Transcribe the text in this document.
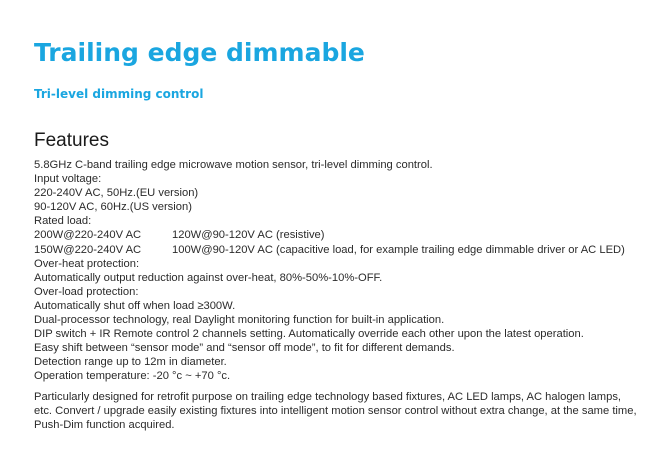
Trailing edge dimmable
Tri-level dimming control
Features
5.8GHz C-band trailing edge microwave motion sensor, tri-level dimming control.
Input voltage:
220-240V AC, 50Hz.(EU version)
90-120V AC, 60Hz.(US version)
Rated load:
200W@220-240V AC	120W@90-120V AC (resistive)
150W@220-240V AC	100W@90-120V AC (capacitive load, for example trailing edge dimmable driver or AC LED)
Over-heat protection:
Automatically output reduction against over-heat, 80%-50%-10%-OFF.
Over-load protection:
Automatically shut off when load ≥300W.
Dual-processor technology, real Daylight monitoring function for built-in application.
DIP switch + IR Remote control 2 channels setting. Automatically override each other upon the latest operation.
Easy shift between “sensor mode” and “sensor off mode”, to fit for different demands.
Detection range up to 12m in diameter.
Operation temperature: -20 °c ~ +70 °c.

Particularly designed for retrofit purpose on trailing edge technology based fixtures, AC LED lamps, AC halogen lamps, etc. Convert / upgrade easily existing fixtures into intelligent motion sensor control without extra change, at the same time, Push-Dim function acquired.
